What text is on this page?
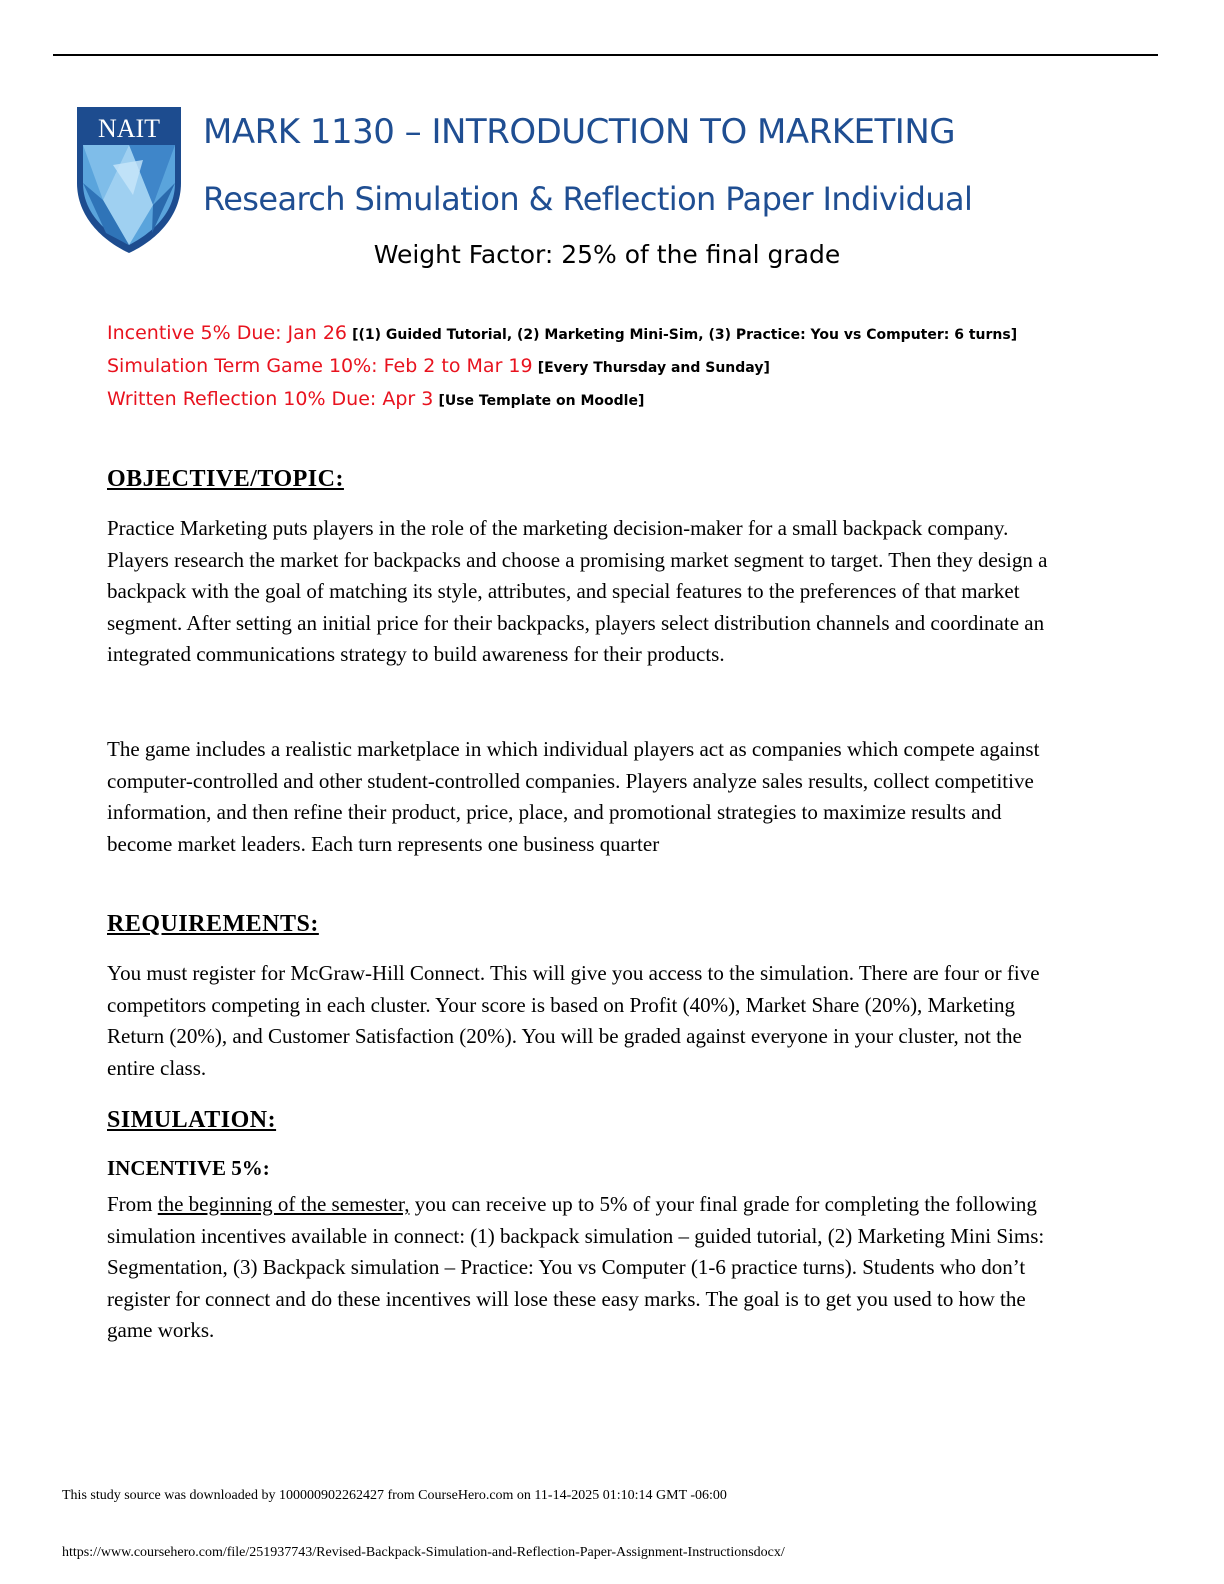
NAIT MARK 1130 – INTRODUCTION TO MARKETING
Research Simulation & Reflection Paper Individual
Weight Factor: 25% of the final grade
Incentive 5% Due: Jan 26 [(1) Guided Tutorial, (2) Marketing Mini-Sim, (3) Practice: You vs Computer: 6 turns]
Simulation Term Game 10%: Feb 2 to Mar 19 [Every Thursday and Sunday]
Written Reflection 10% Due: Apr 3 [Use Template on Moodle]
OBJECTIVE/TOPIC:

Practice Marketing puts players in the role of the marketing decision-maker for a small backpack company. Players research the market for backpacks and choose a promising market segment to target. Then they design a backpack with the goal of matching its style, attributes, and special features to the preferences of that market segment. After setting an initial price for their backpacks, players select distribution channels and coordinate an integrated communications strategy to build awareness for their products.

The game includes a realistic marketplace in which individual players act as companies which compete against computer-controlled and other student-controlled companies. Players analyze sales results, collect competitive information, and then refine their product, price, place, and promotional strategies to maximize results and become market leaders. Each turn represents one business quarter

REQUIREMENTS:

You must register for McGraw-Hill Connect. This will give you access to the simulation. There are four or five competitors competing in each cluster. Your score is based on Profit (40%), Market Share (20%), Marketing Return (20%), and Customer Satisfaction (20%). You will be graded against everyone in your cluster, not the entire class.

SIMULATION:
INCENTIVE 5%:

From the beginning of the semester, you can receive up to 5% of your final grade for completing the following simulation incentives available in connect: (1) backpack simulation – guided tutorial, (2) Marketing Mini Sims: Segmentation, (3) Backpack simulation – Practice: You vs Computer (1-6 practice turns). Students who don’t register for connect and do these incentives will lose these easy marks. The goal is to get you used to how the game works.

This study source was downloaded by 100000902262427 from CourseHero.com on 11-14-2025 01:10:14 GMT -06:00
https://www.coursehero.com/file/251937743/Revised-Backpack-Simulation-and-Reflection-Paper-Assignment-Instructionsdocx/
